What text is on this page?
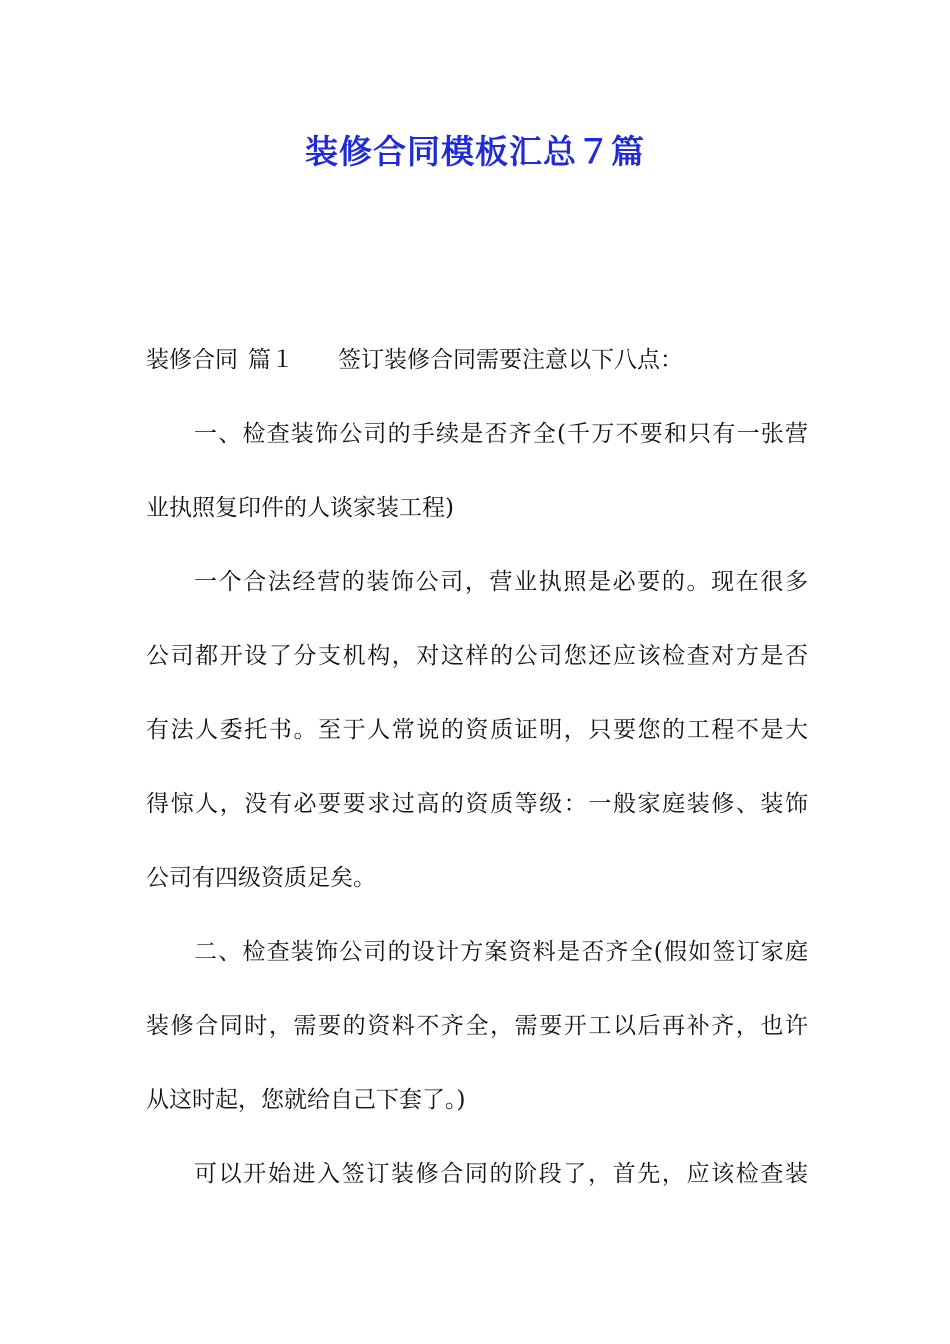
装修合同模板汇总７篇
装修合同 篇１ 签订装修合同需要注意以下八点：
一、检查装饰公司的手续是否齐全(千万不要和只有一张营
业执照复印件的人谈家装工程)
一个合法经营的装饰公司，营业执照是必要的。现在很多
公司都开设了分支机构，对这样的公司您还应该检查对方是否
有法人委托书。至于人常说的资质证明，只要您的工程不是大
得惊人，没有必要要求过高的资质等级：一般家庭装修、装饰
公司有四级资质足矣。
二、检查装饰公司的设计方案资料是否齐全(假如签订家庭
装修合同时，需要的资料不齐全，需要开工以后再补齐，也许
从这时起，您就给自己下套了。)
可以开始进入签订装修合同的阶段了，首先，应该检查装
